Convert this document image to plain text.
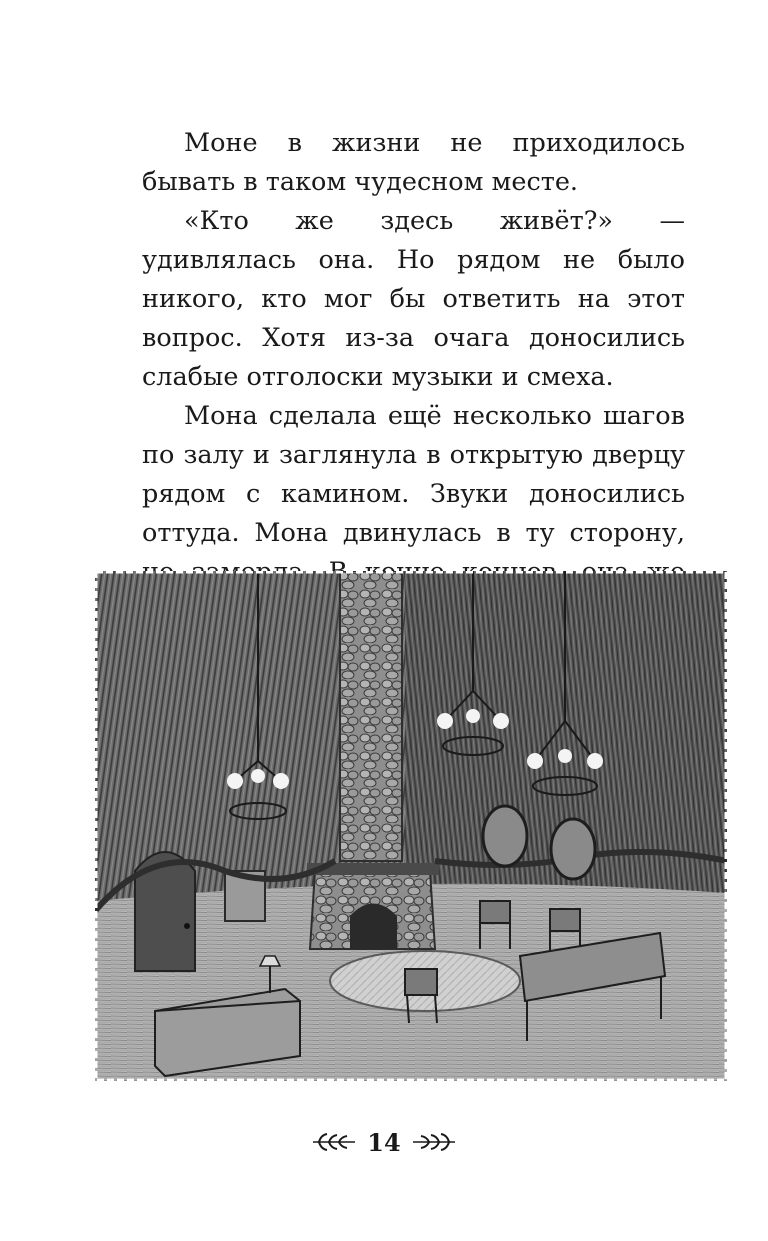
Моне в жизни не приходилось бывать в таком чудесном месте.

«Кто же здесь живёт?» — удивлялась она. Но рядом не было никого, кто мог бы ответить на этот вопрос. Хотя из-за очага доносились слабые отголоски музыки и смеха.

Мона сделала ещё несколько шагов по залу и заглянула в открытую дверцу рядом с камином. Звуки доносились оттуда. Мона двинулась в ту сторону,

14
